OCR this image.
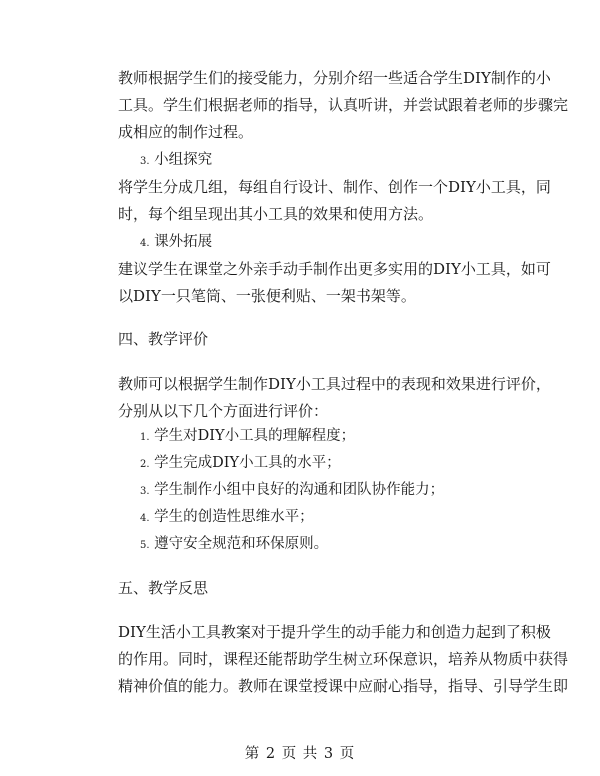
教师根据学生们的接受能力，分别介绍一些适合学生DIY制作的小
工具。学生们根据老师的指导，认真听讲，并尝试跟着老师的步骤完
成相应的制作过程。
3. 小组探究
将学生分成几组，每组自行设计、制作、创作一个DIY小工具，同
时，每个组呈现出其小工具的效果和使用方法。
4. 课外拓展
建议学生在课堂之外亲手动手制作出更多实用的DIY小工具，如可
以DIY一只笔筒、一张便利贴、一架书架等。
四、教学评价
教师可以根据学生制作DIY小工具过程中的表现和效果进行评价，
分别从以下几个方面进行评价：
1. 学生对DIY小工具的理解程度；
2. 学生完成DIY小工具的水平；
3. 学生制作小组中良好的沟通和团队协作能力；
4. 学生的创造性思维水平；
5. 遵守安全规范和环保原则。
五、教学反思
DIY生活小工具教案对于提升学生的动手能力和创造力起到了积极
的作用。同时，课程还能帮助学生树立环保意识，培养从物质中获得
精神价值的能力。教师在课堂授课中应耐心指导，指导、引导学生即
第 2 页 共 3 页
